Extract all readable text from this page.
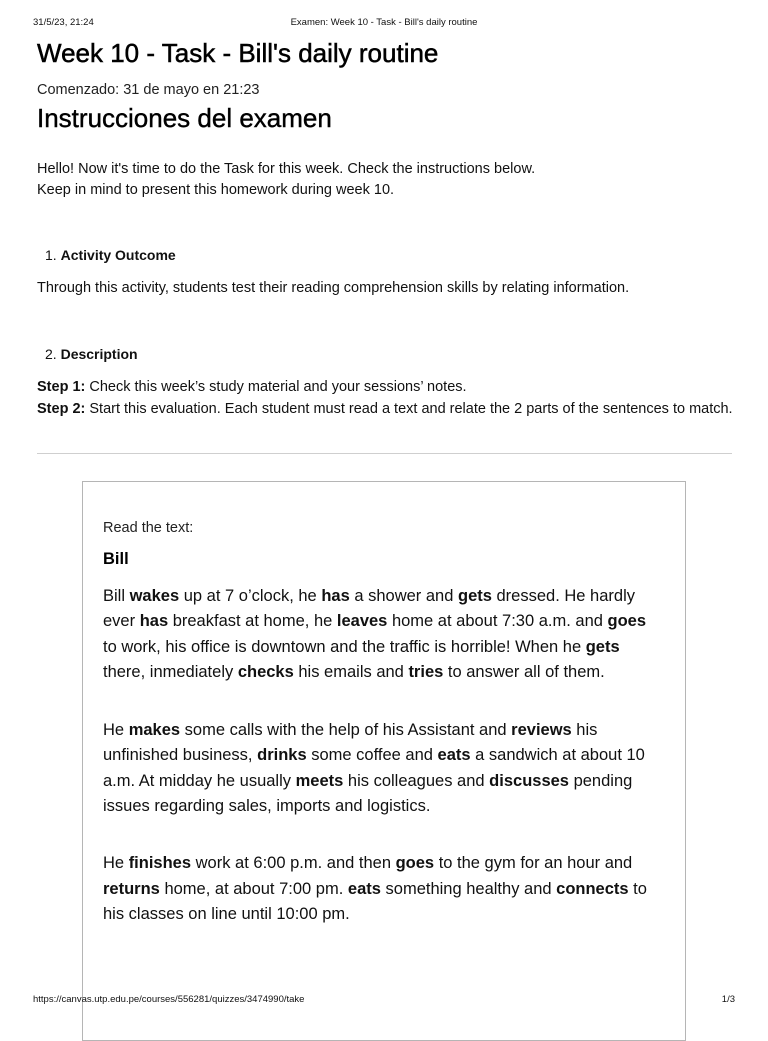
31/5/23, 21:24	Examen: Week 10 - Task - Bill's daily routine
Week 10 - Task - Bill's daily routine
Comenzado: 31 de mayo en 21:23
Instrucciones del examen
Hello! Now it's time to do the Task for this week. Check the instructions below.
Keep in mind to present this homework during week 10.
1. Activity Outcome
Through this activity, students test their reading comprehension skills by relating information.
2. Description
Step 1: Check this week’s study material and your sessions’ notes.
Step 2: Start this evaluation. Each student must read a text and relate the 2 parts of the sentences to match.
Read the text:
Bill
Bill wakes up at 7 o’clock, he has a shower and gets dressed. He hardly ever has breakfast at home, he leaves home at about 7:30 a.m. and goes to work, his office is downtown and the traffic is horrible! When he gets there, inmediately checks his emails and tries to answer all of them.
He makes some calls with the help of his Assistant and reviews his unfinished business, drinks some coffee and eats a sandwich at about 10 a.m. At midday he usually meets his colleagues and discusses pending issues regarding sales, imports and logistics.
He finishes work at 6:00 p.m. and then goes to the gym for an hour and returns home, at about 7:00 pm. eats something healthy and connects to his classes on line until 10:00 pm.
https://canvas.utp.edu.pe/courses/556281/quizzes/3474990/take	1/3
